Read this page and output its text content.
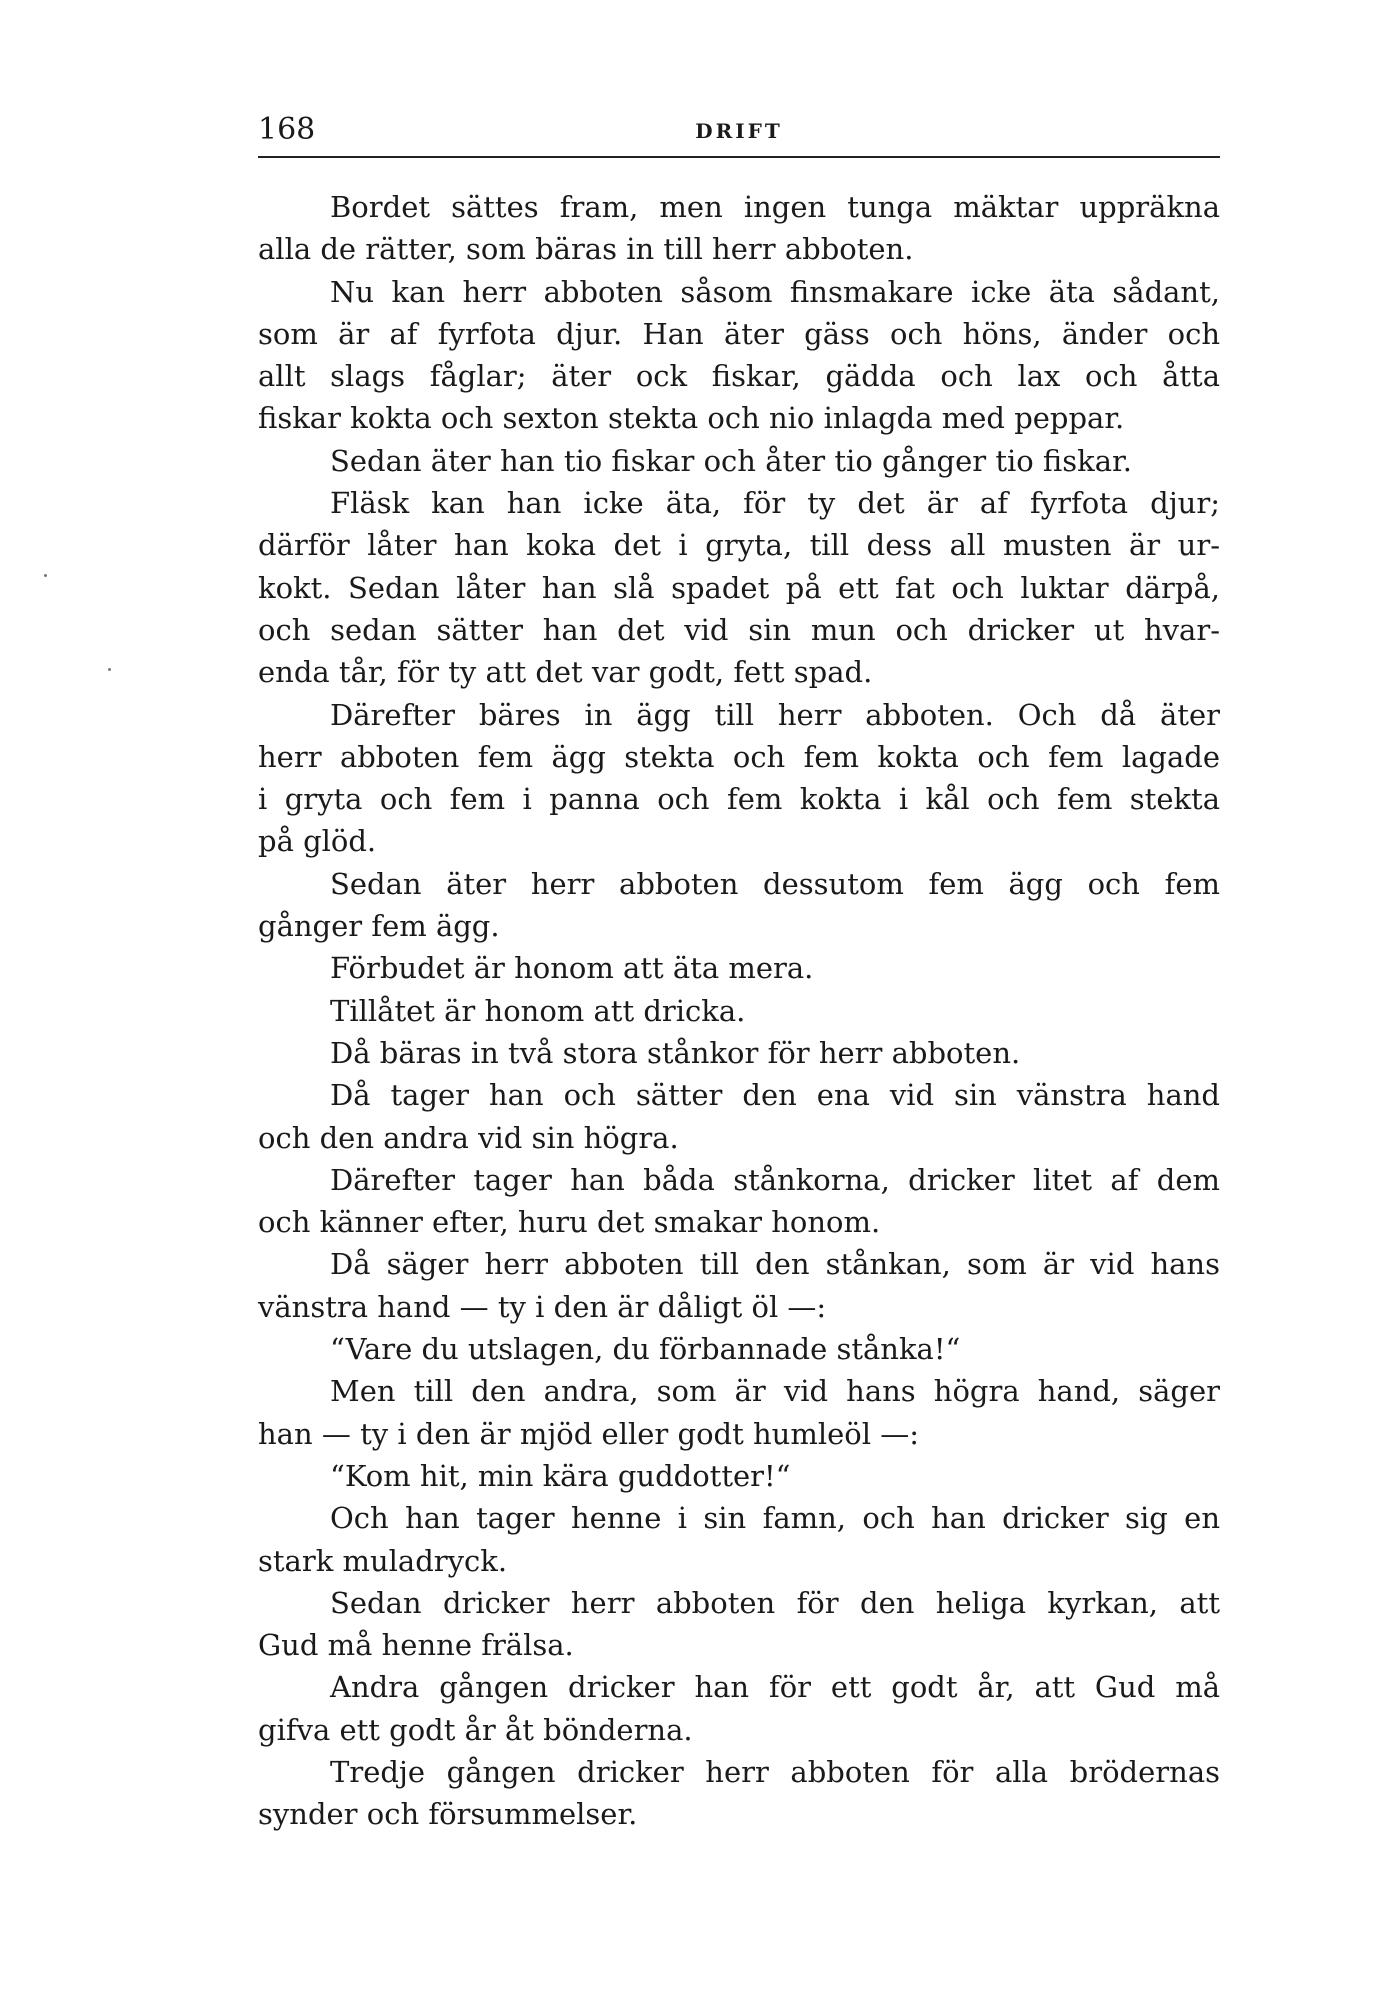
168	DRIFT
Bordet sättes fram, men ingen tunga mäktar uppräkna
alla de rätter, som bäras in till herr abboten.
Nu kan herr abboten såsom finsmakare icke äta sådant,
som är af fyrfota djur. Han äter gäss och höns, änder och
allt slags fåglar; äter ock fiskar, gädda och lax och åtta
fiskar kokta och sexton stekta och nio inlagda med peppar.
Sedan äter han tio fiskar och åter tio gånger tio fiskar.
Fläsk kan han icke äta, för ty det är af fyrfota djur;
därför låter han koka det i gryta, till dess all musten är ur-
kokt. Sedan låter han slå spadet på ett fat och luktar därpå,
och sedan sätter han det vid sin mun och dricker ut hvar-
enda tår, för ty att det var godt, fett spad.
Därefter bäres in ägg till herr abboten. Och då äter
herr abboten fem ägg stekta och fem kokta och fem lagade
i gryta och fem i panna och fem kokta i kål och fem stekta
på glöd.
Sedan äter herr abboten dessutom fem ägg och fem
gånger fem ägg.
Förbudet är honom att äta mera.
Tillåtet är honom att dricka.
Då bäras in två stora stånkor för herr abboten.
Då tager han och sätter den ena vid sin vänstra hand
och den andra vid sin högra.
Därefter tager han båda stånkorna, dricker litet af dem
och känner efter, huru det smakar honom.
Då säger herr abboten till den stånkan, som är vid hans
vänstra hand — ty i den är dåligt öl —:
“Vare du utslagen, du förbannade stånka!“
Men till den andra, som är vid hans högra hand, säger
han — ty i den är mjöd eller godt humleöl —:
“Kom hit, min kära guddotter!“
Och han tager henne i sin famn, och han dricker sig en
stark muladryck.
Sedan dricker herr abboten för den heliga kyrkan, att
Gud må henne frälsa.
Andra gången dricker han för ett godt år, att Gud må
gifva ett godt år åt bönderna.
Tredje gången dricker herr abboten för alla brödernas
synder och försummelser.
